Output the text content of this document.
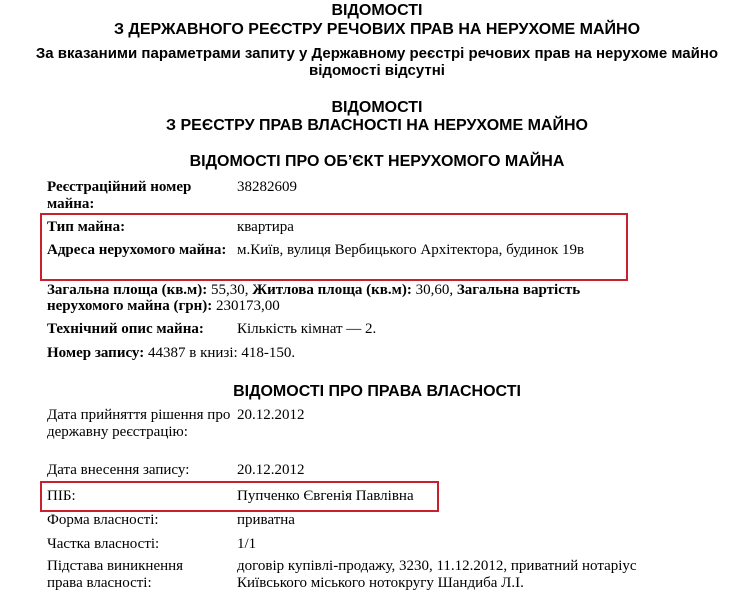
ВІДОМОСТІ
З ДЕРЖАВНОГО РЕЄСТРУ РЕЧОВИХ ПРАВ НА НЕРУХОМЕ МАЙНО
За вказаними параметрами запиту у Державному реєстрі речових прав на нерухоме майно
відомості відсутні
ВІДОМОСТІ
З РЕЄСТРУ ПРАВ ВЛАСНОСТІ НА НЕРУХОМЕ МАЙНО
ВІДОМОСТІ ПРО ОБ’ЄКТ НЕРУХОМОГО МАЙНА
Реєстраційний номер майна:
38282609
Тип майна:	квартира
Адреса нерухомого майна: м.Київ, вулиця Вербицького Архітектора, будинок 19в
Загальна площа (кв.м): 55,30, Житлова площа (кв.м): 30,60, Загальна вартість
нерухомого майна (грн): 230173,00
Технічний опис майна:	Кількість кімнат — 2.
Номер запису: 44387 в книзі: 418-150.
ВІДОМОСТІ ПРО ПРАВА ВЛАСНОСТІ
Дата прийняття рішення про державну реєстрацію:
20.12.2012
Дата внесення запису:	20.12.2012
ПІБ:	Пупченко Євгенія Павлівна
Форма власності:	приватна
Частка власності:	1/1
Підстава виникнення права власності:
договір купівлі-продажу, 3230, 11.12.2012, приватний нотаріус
Київського міського нотокругу Шандиба Л.І.
